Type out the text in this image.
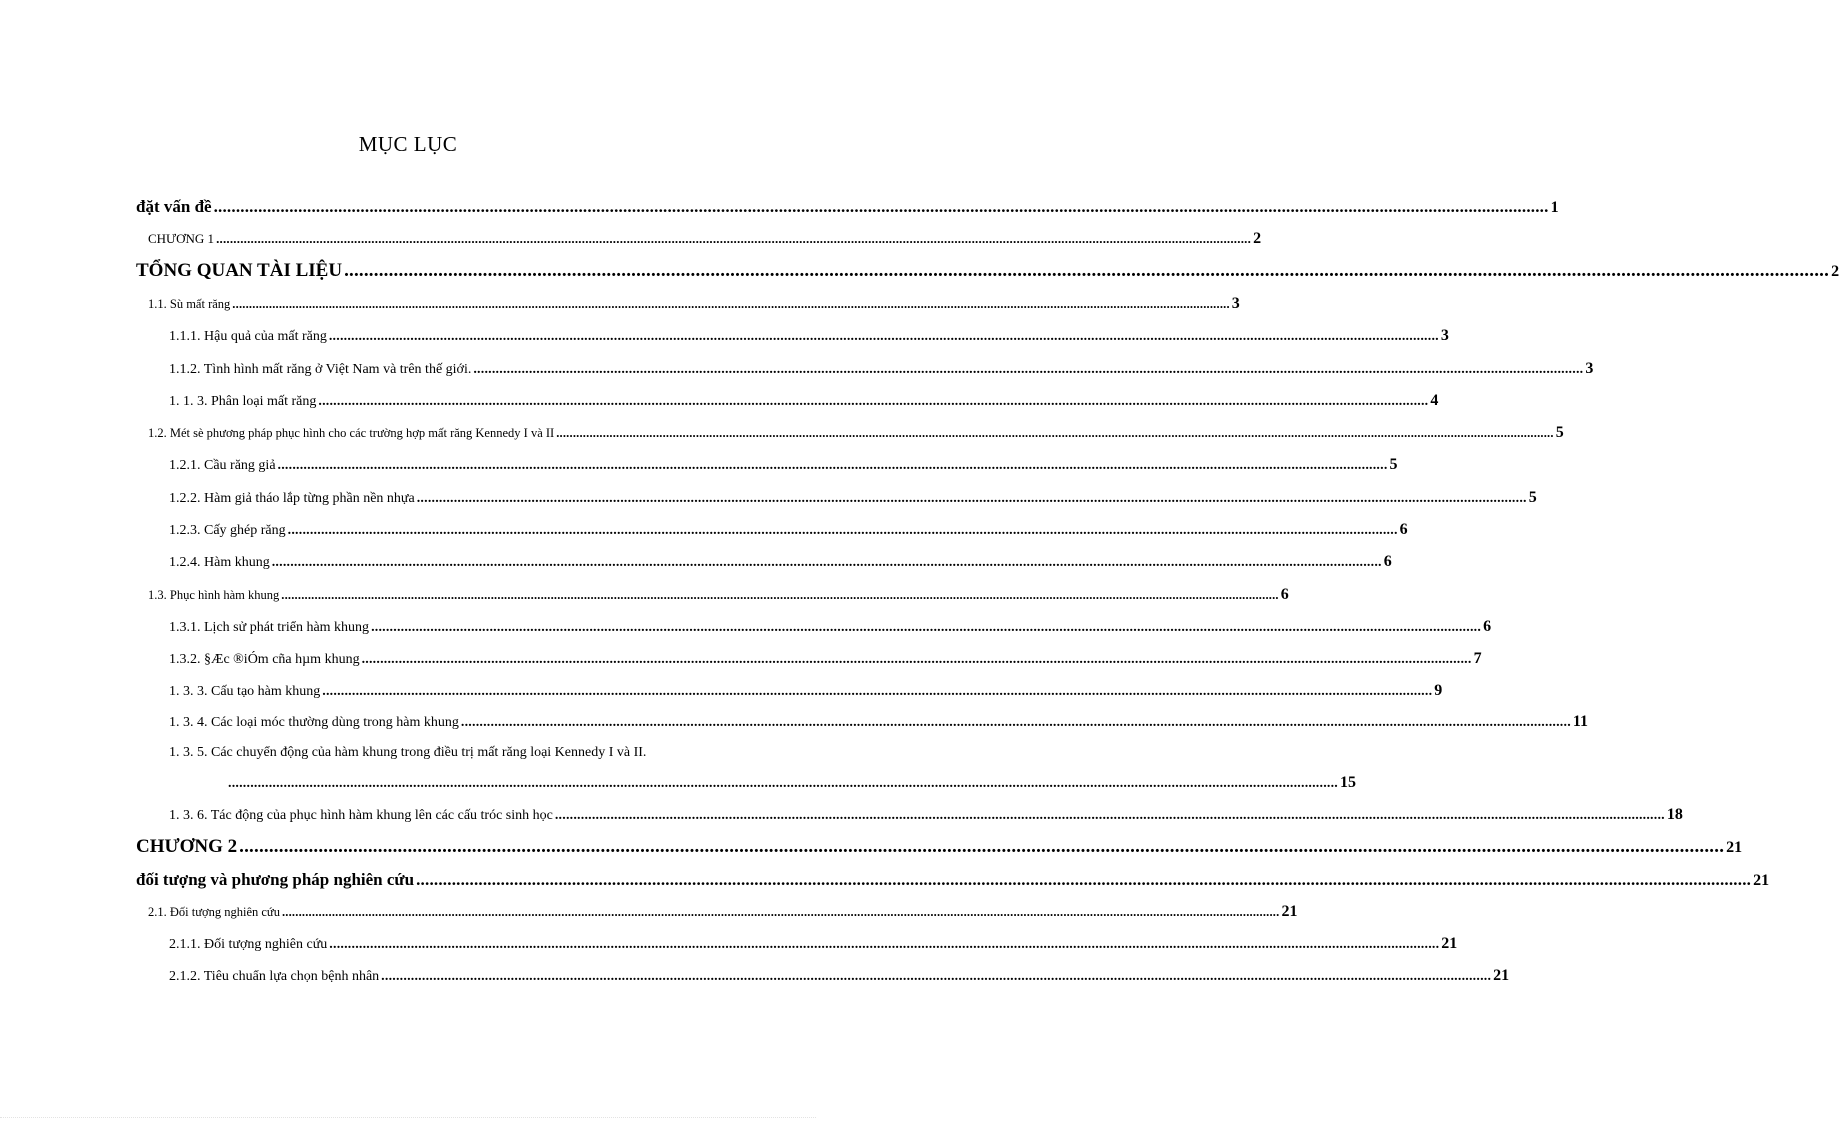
MỤC LỤC
đặt vấn đề ............................................................................................................................................................................................................................................................................................................ 1
CHƯƠNG 1 ............................................................................................................................................................................................................................................................................................................ 2
TỔNG QUAN TÀI LIỆU ............................................................................................................................................................................................................................................................................................................ 2
1.1. Sù mất răng ............................................................................................................................................................................................................................................................................................................ 3
1.1.1. Hậu quả của mất răng ............................................................................................................................................................................................................................................................................................................ 3
1.1.2. Tình hình mất răng ở Việt Nam và trên thế giới. ............................................................................................................................................................................................................................................................................................................ 3
1. 1. 3. Phân loại mất răng ............................................................................................................................................................................................................................................................................................................ 4
1.2. Mét sè phương pháp phục hình cho các trường hợp mất răng Kennedy I và II ............................................................................................................................................................................................................................................................................................................ 5
1.2.1. Cầu răng giả ............................................................................................................................................................................................................................................................................................................ 5
1.2.2. Hàm giả tháo lắp từng phần nền nhựa ............................................................................................................................................................................................................................................................................................................ 5
1.2.3. Cấy ghép răng ............................................................................................................................................................................................................................................................................................................ 6
1.2.4. Hàm khung ............................................................................................................................................................................................................................................................................................................ 6
1.3. Phục hình hàm khung ............................................................................................................................................................................................................................................................................................................ 6
1.3.1. Lịch sử phát triển hàm khung ............................................................................................................................................................................................................................................................................................................ 6
1.3.2. §Æc ®iÓm cña hµm khung ............................................................................................................................................................................................................................................................................................................ 7
1. 3. 3. Cấu tạo hàm khung ............................................................................................................................................................................................................................................................................................................ 9
1. 3. 4. Các loại móc thường dùng trong hàm khung ............................................................................................................................................................................................................................................................................................................ 11
1. 3. 5. Các chuyển động của hàm khung trong điều trị mất răng loại Kennedy I và II.
............................................................................................................................................................................................................................................................................................................ 15
1. 3. 6. Tác động của phục hình hàm khung lên các cấu tróc sinh học ............................................................................................................................................................................................................................................................................................................ 18
CHƯƠNG 2 ............................................................................................................................................................................................................................................................................................................ 21
đối tượng và phương pháp nghiên cứu ............................................................................................................................................................................................................................................................................................................ 21
2.1. Đối tượng nghiên cứu ............................................................................................................................................................................................................................................................................................................ 21
2.1.1. Đối tượng nghiên cứu ............................................................................................................................................................................................................................................................................................................ 21
2.1.2. Tiêu chuẩn lựa chọn bệnh nhân ............................................................................................................................................................................................................................................................................................................ 21
